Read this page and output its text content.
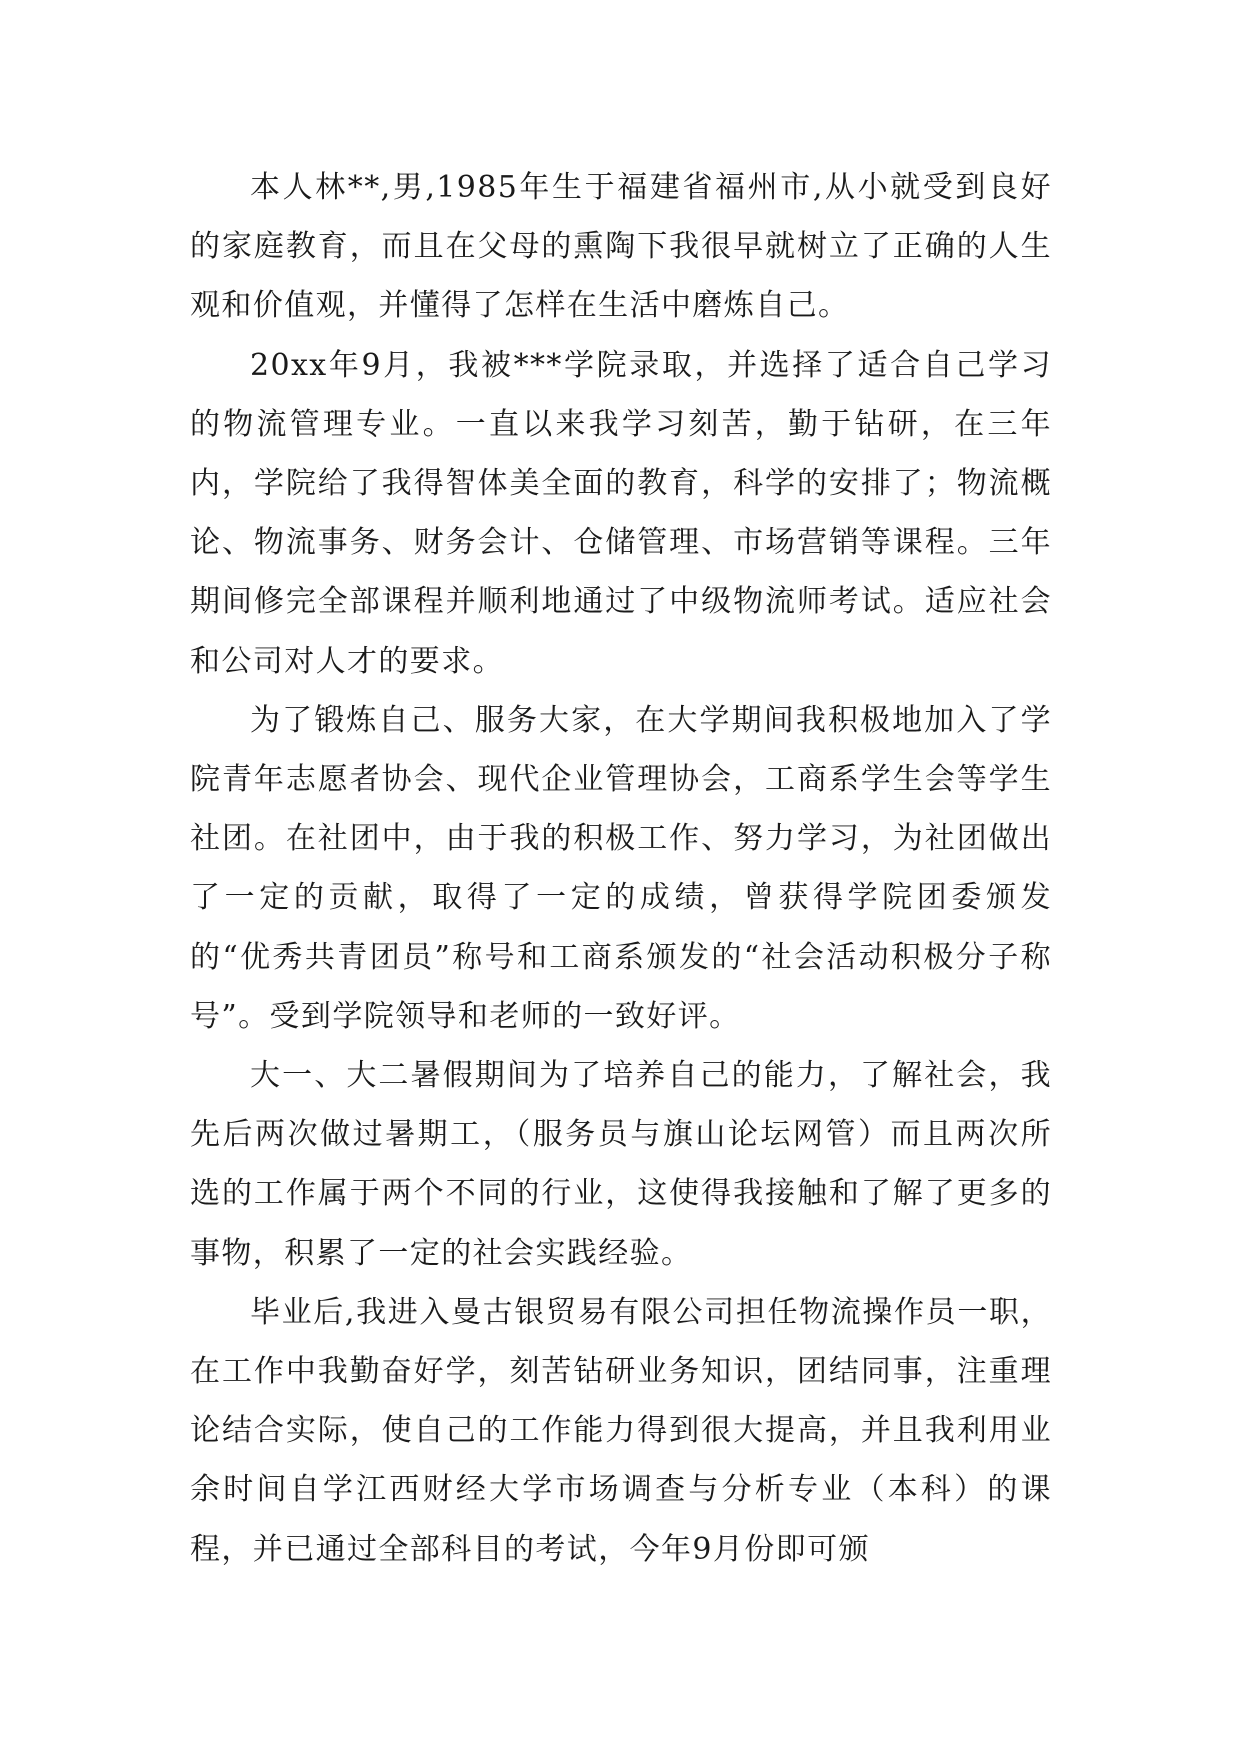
本人林**,男,1985年生于福建省福州市,从小就受到良好的家庭教育，而且在父母的熏陶下我很早就树立了正确的人生观和价值观，并懂得了怎样在生活中磨炼自己。

20xx年9月，我被***学院录取，并选择了适合自己学习的物流管理专业。一直以来我学习刻苦，勤于钻研，在三年内，学院给了我得智体美全面的教育，科学的安排了；物流概论、物流事务、财务会计、仓储管理、市场营销等课程。三年期间修完全部课程并顺利地通过了中级物流师考试。适应社会和公司对人才的要求。

为了锻炼自己、服务大家，在大学期间我积极地加入了学院青年志愿者协会、现代企业管理协会，工商系学生会等学生社团。在社团中，由于我的积极工作、努力学习，为社团做出了一定的贡献，取得了一定的成绩，曾获得学院团委颁发的“优秀共青团员”称号和工商系颁发的“社会活动积极分子称号”。受到学院领导和老师的一致好评。

大一、大二暑假期间为了培养自己的能力，了解社会，我先后两次做过暑期工，（服务员与旗山论坛网管）而且两次所选的工作属于两个不同的行业，这使得我接触和了解了更多的事物，积累了一定的社会实践经验。

毕业后,我进入曼古银贸易有限公司担任物流操作员一职，在工作中我勤奋好学，刻苦钻研业务知识，团结同事，注重理论结合实际，使自己的工作能力得到很大提高，并且我利用业余时间自学江西财经大学市场调查与分析专业（本科）的课程，并已通过全部科目的考试，今年9月份即可颁
